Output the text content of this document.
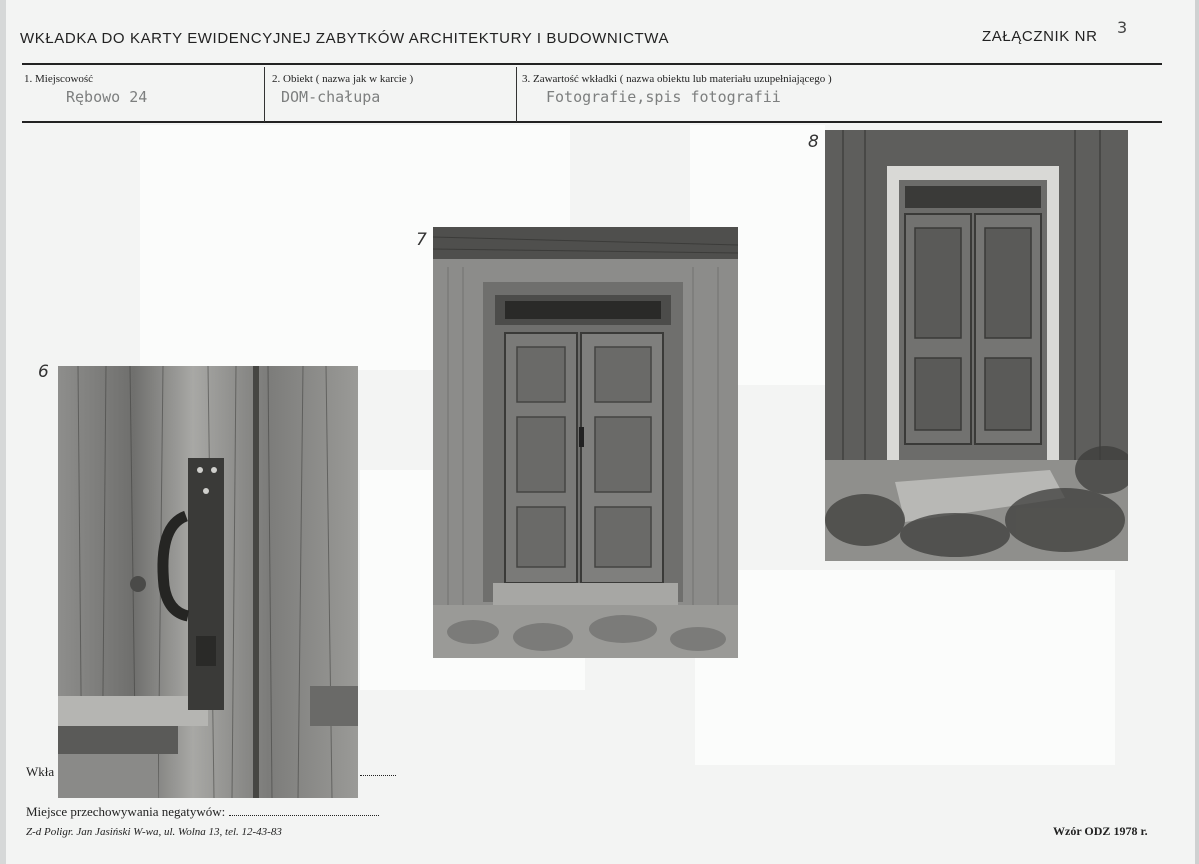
WKŁADKA DO KARTY EWIDENCYJNEJ ZABYTKÓW ARCHITEKTURY I BUDOWNICTWA	ZAŁĄCZNIK NR 3
1. Miejscowość
Rębowo 24
2. Obiekt ( nazwa jak w karcie )
DOM-chałupa
3. Zawartość wkładki ( nazwa obiektu lub materiału uzupełniającego )
Fotografie,spis fotografii
Wkła
Miejsce przechowywania negatywów:
6
7
8
Z-d Poligr. Jan Jasiński W-wa, ul. Wolna 13, tel. 12-43-83	Wzór ODZ 1978 r.
